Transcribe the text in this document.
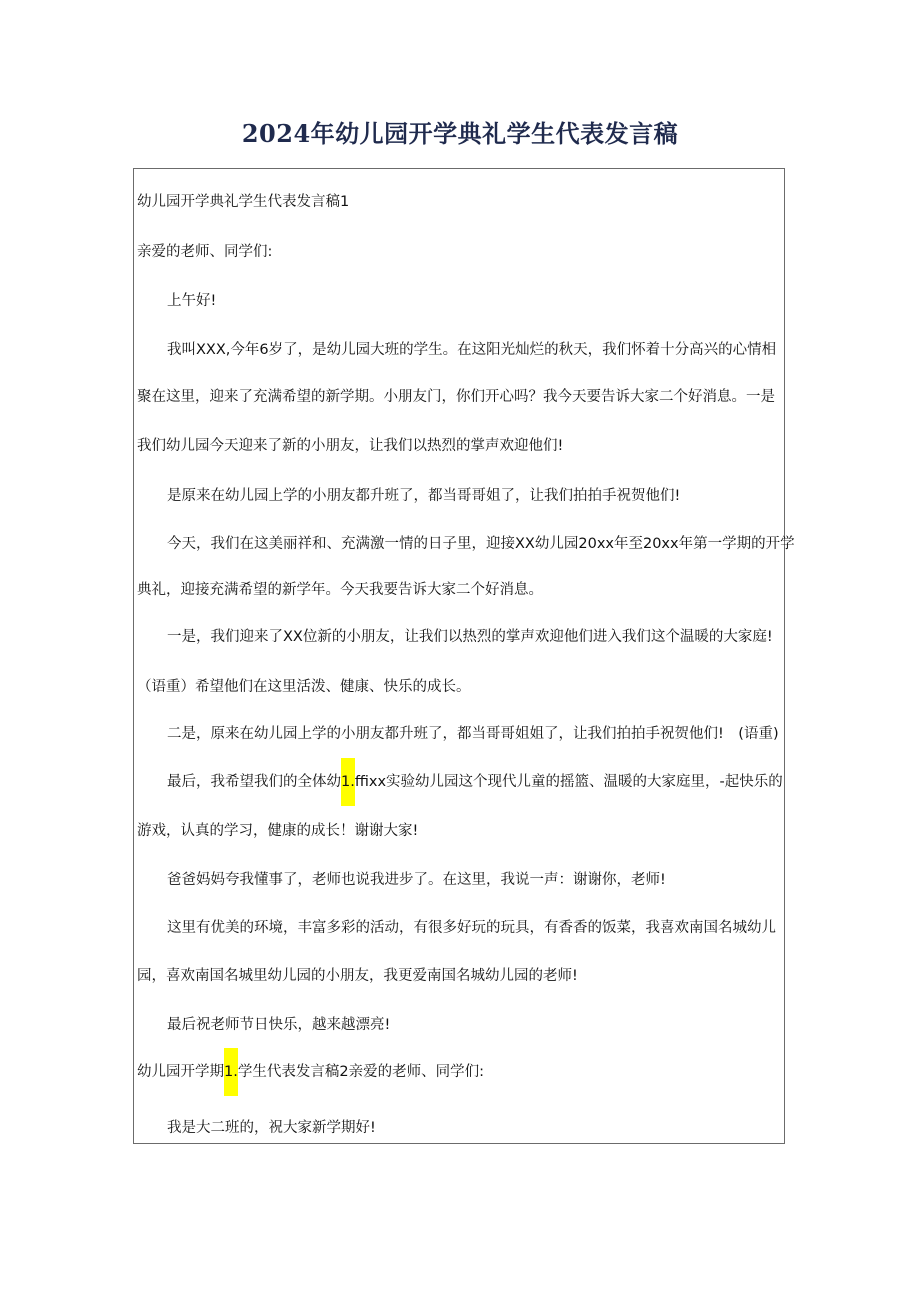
2024年幼儿园开学典礼学生代表发言稿
幼儿园开学典礼学生代表发言稿1
亲爱的老师、同学们:
上午好!
我叫XXX,今年6岁了，是幼儿园大班的学生。在这阳光灿烂的秋天，我们怀着十分高兴的心情相
聚在这里，迎来了充满希望的新学期。小朋友门，你们开心吗？我今天要告诉大家二个好消息。一是
我们幼儿园今天迎来了新的小朋友，让我们以热烈的掌声欢迎他们!
是原来在幼儿园上学的小朋友都升班了，都当哥哥姐了，让我们拍拍手祝贺他们!
今天，我们在这美丽祥和、充满激一情的日子里，迎接XX幼儿园20xx年至20xx年第一学期的开学
典礼，迎接充满希望的新学年。今天我要告诉大家二个好消息。
一是，我们迎来了XX位新的小朋友，让我们以热烈的掌声欢迎他们进入我们这个温暖的大家庭!
（语重）希望他们在这里活泼、健康、快乐的成长。
二是，原来在幼儿园上学的小朋友都升班了，都当哥哥姐姐了，让我们拍拍手祝贺他们!　(语重)
最后，我希望我们的全体幼1.ffixx实验幼儿园这个现代儿童的摇篮、温暖的大家庭里，-起快乐的
游戏，认真的学习，健康的成长！谢谢大家!
爸爸妈妈夸我懂事了，老师也说我进步了。在这里，我说一声：谢谢你，老师!
这里有优美的环境，丰富多彩的活动，有很多好玩的玩具，有香香的饭菜，我喜欢南国名城幼儿
园，喜欢南国名城里幼儿园的小朋友，我更爱南国名城幼儿园的老师!
最后祝老师节日快乐，越来越漂亮!
幼儿园开学期1.学生代表发言稿2亲爱的老师、同学们:
我是大二班的，祝大家新学期好!
